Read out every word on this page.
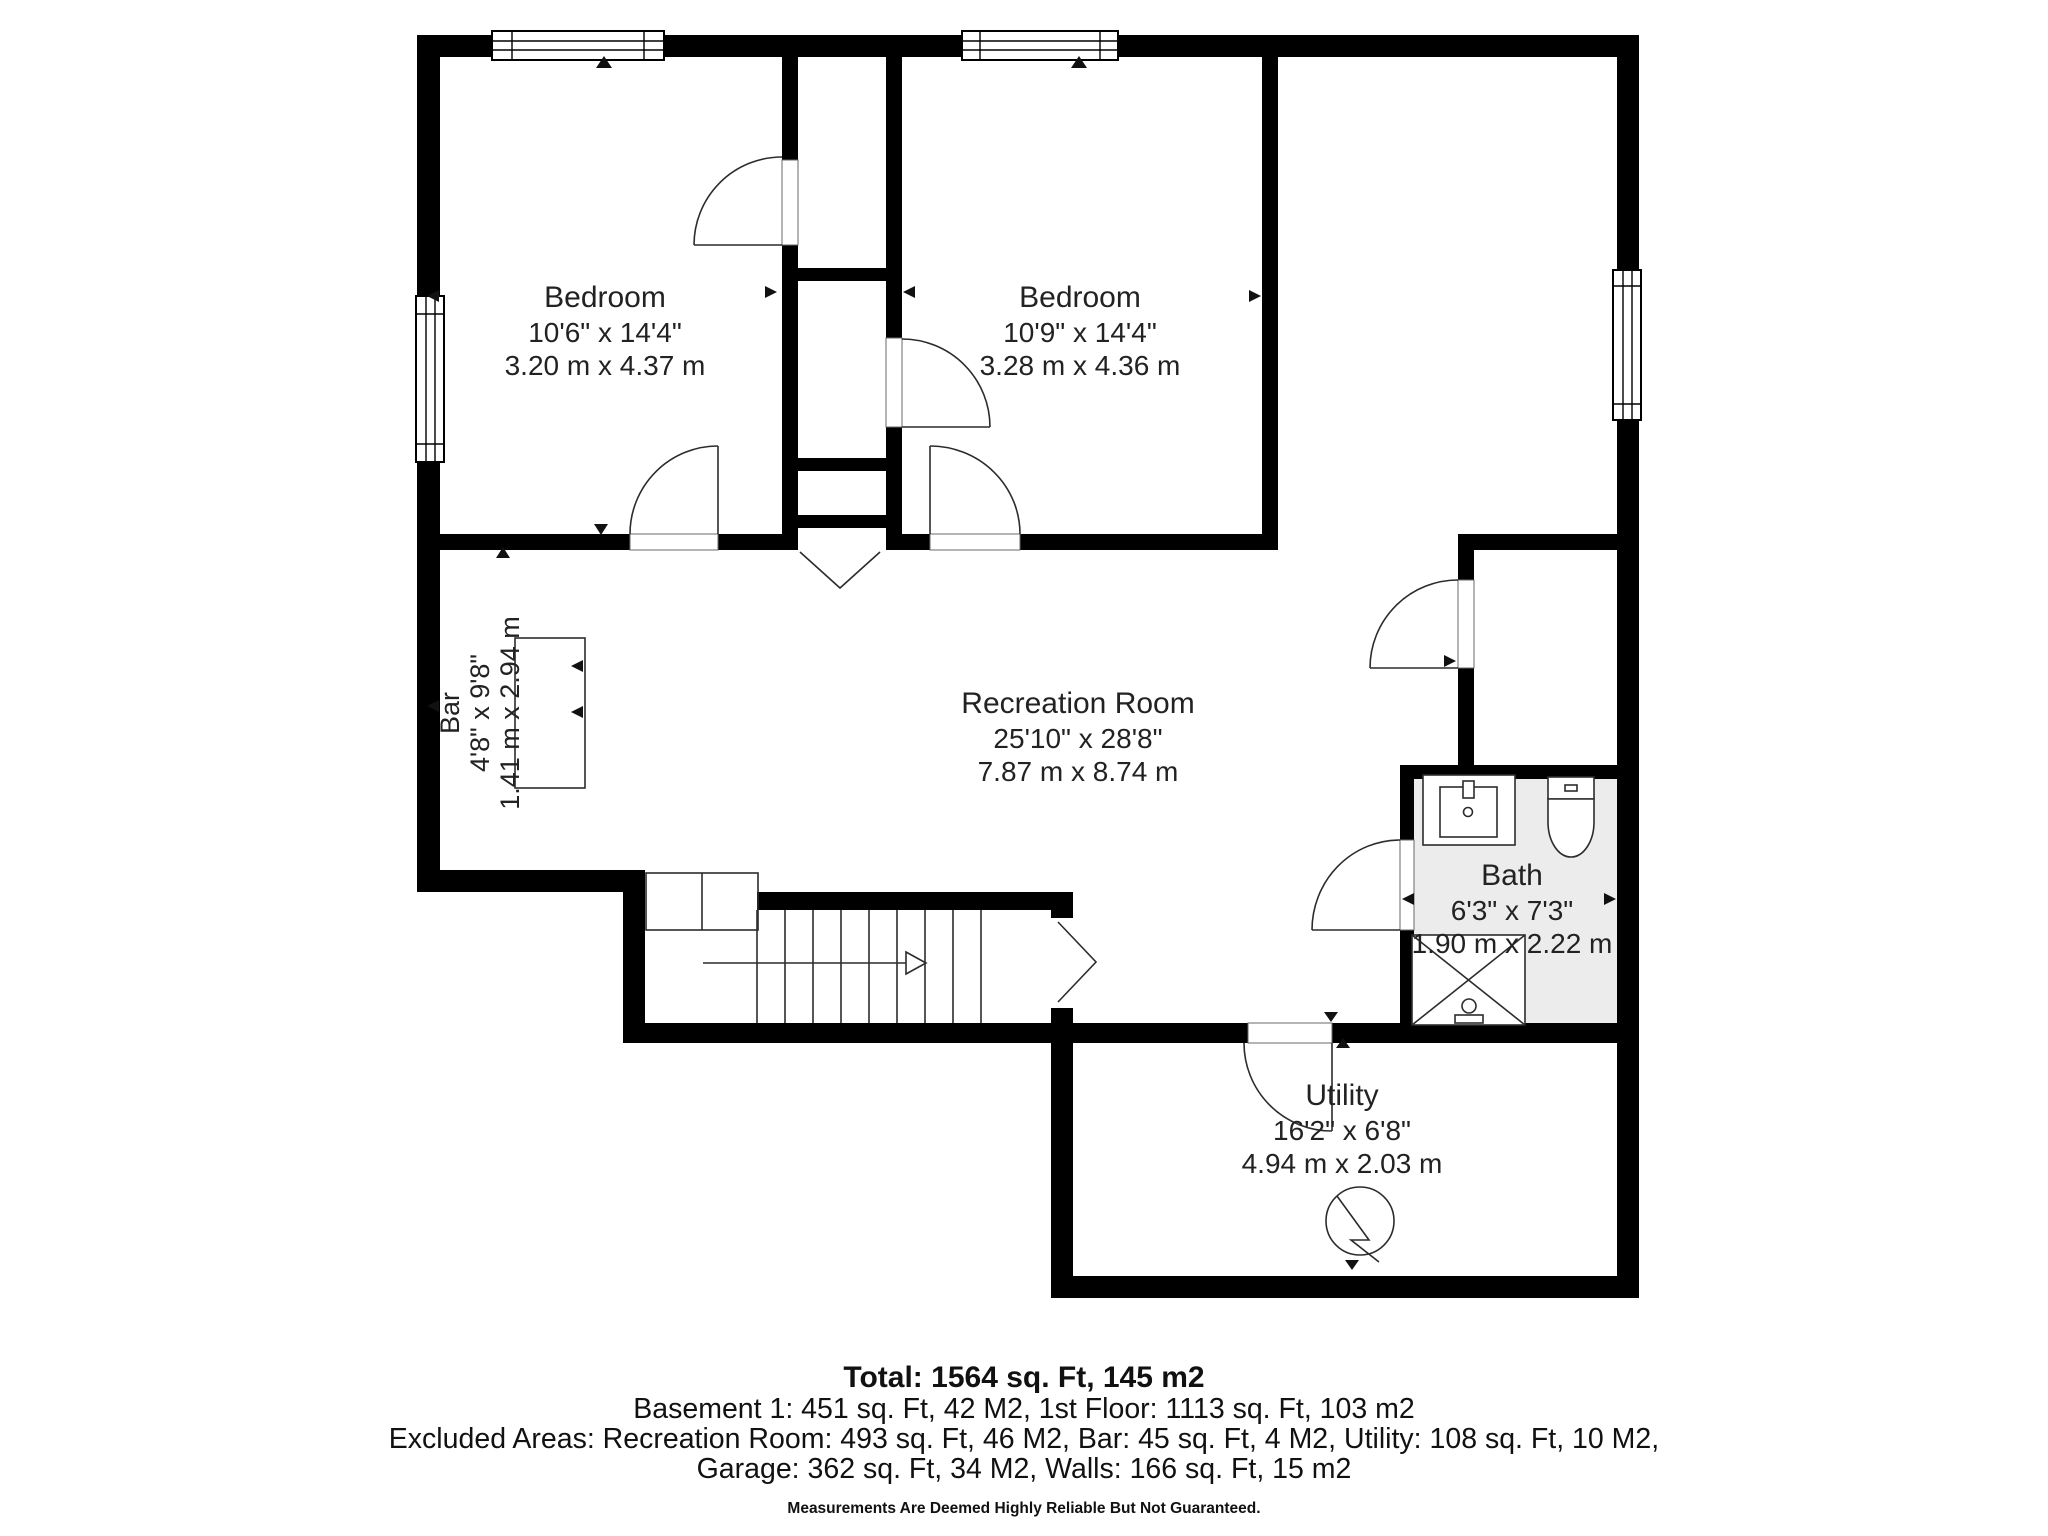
Bedroom
10'6" x 14'4"
3.20 m x 4.37 m
Bedroom
10'9" x 14'4"
3.28 m x 4.36 m
Recreation Room
25'10" x 28'8"
7.87 m x 8.74 m
Bar 4'8" x 9'8" 1.41 m x 2.94 m
Bath
6'3" x 7'3"
1.90 m x 2.22 m
Utility
16'2" x 6'8"
4.94 m x 2.03 m
Total: 1564 sq. Ft, 145 m2
Basement 1: 451 sq. Ft, 42 M2, 1st Floor: 1113 sq. Ft, 103 m2
Excluded Areas: Recreation Room: 493 sq. Ft, 46 M2, Bar: 45 sq. Ft, 4 M2, Utility: 108 sq. Ft, 10 M2,
Garage: 362 sq. Ft, 34 M2, Walls: 166 sq. Ft, 15 m2
Measurements Are Deemed Highly Reliable But Not Guaranteed.
